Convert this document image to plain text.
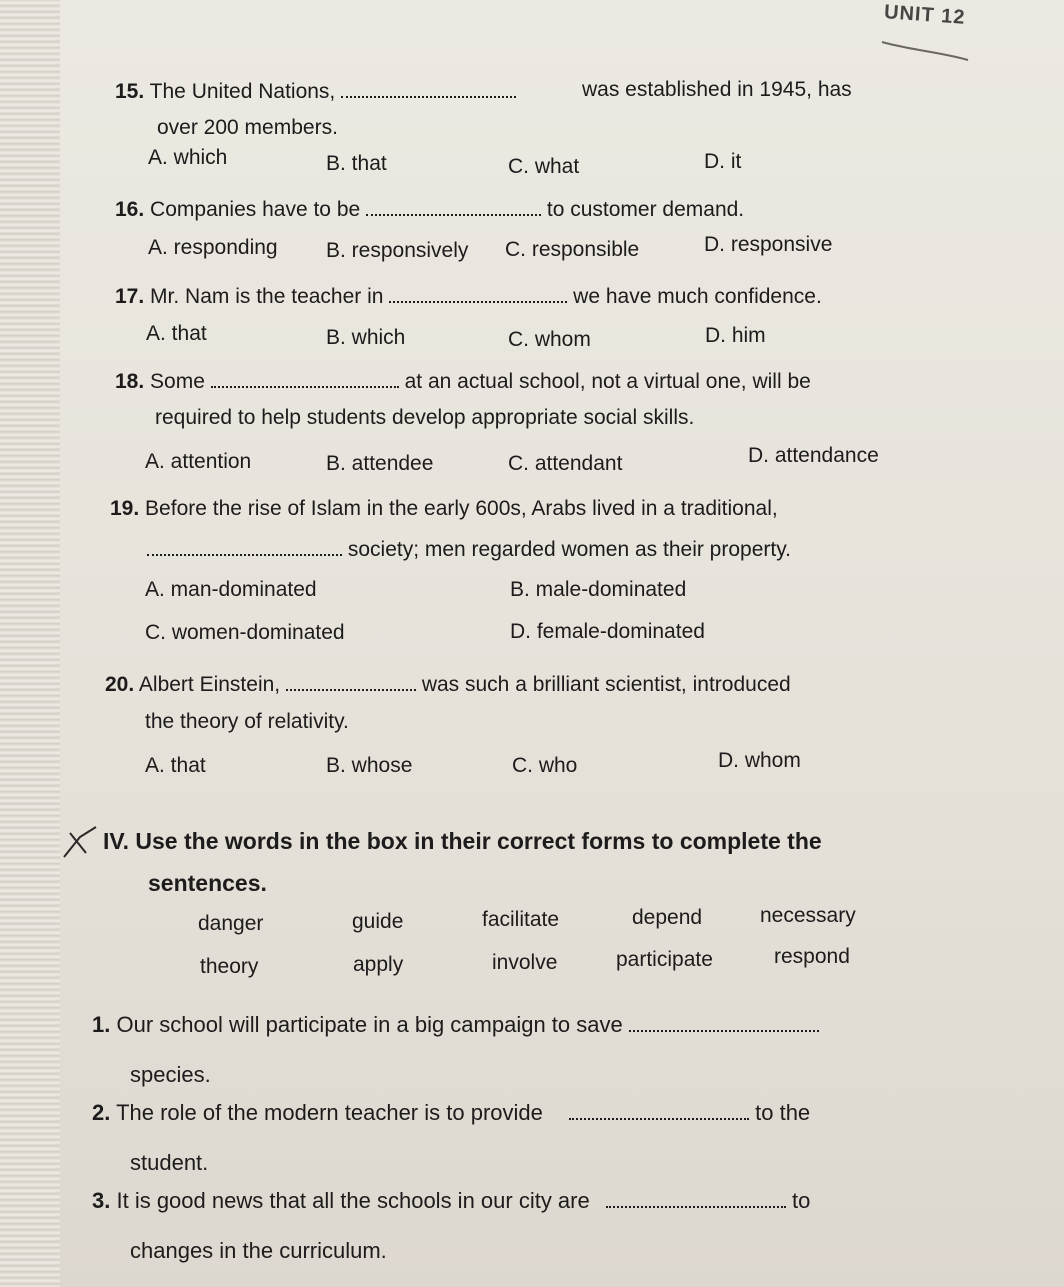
UNIT 12
15. The United Nations,	was established in 1945, has
over 200 members.
A. which	B. that	C. what	D. it
16. Companies have to be	to customer demand.
A. responding B. responsively C. responsible	D. responsive
17. Mr. Nam is the teacher in	we have much confidence.
A. that	B. which	C. whom	D. him
18. Some	at an actual school, not a virtual one, will be
required to help students develop appropriate social skills.
A. attention	B. attendee	C. attendant	D. attendance
19. Before the rise of Islam in the early 600s, Arabs lived in a traditional,
society; men regarded women as their property.
A. man-dominated	B. male-dominated
C. women-dominated	D. female-dominated
20. Albert Einstein,	was such a brilliant scientist, introduced
the theory of relativity.
A. that	B. whose	C. who	D. whom
IV. Use the words in the box in their correct forms to complete the
sentences.
danger	guide	facilitate	depend	necessary
theory	apply	involve	participate	respond
1. Our school will participate in a big campaign to save
species.
2. The role of the modern teacher is to provide	to the
student.
3. It is good news that all the schools in our city are	to
changes in the curriculum.
